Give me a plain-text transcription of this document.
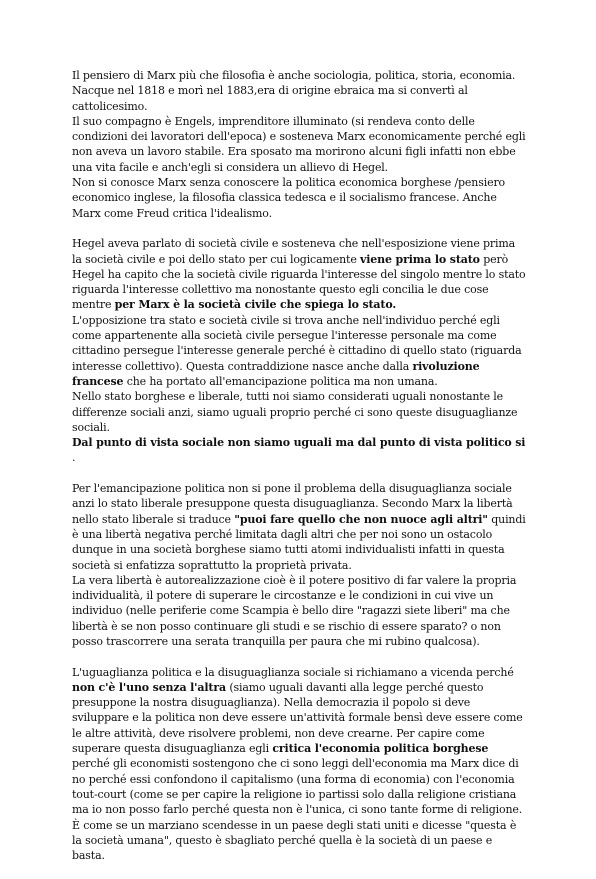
Il pensiero di Marx più che filosofia è anche sociologia, politica, storia, economia.
Nacque nel 1818 e morì nel 1883,era di origine ebraica ma si convertì al cattolicesimo.
Il suo compagno è Engels, imprenditore illuminato (si rendeva conto delle condizioni dei lavoratori dell'epoca) e sosteneva Marx economicamente perché egli non aveva un lavoro stabile. Era sposato ma morirono alcuni figli infatti non ebbe una vita facile e anch'egli si considera un allievo di Hegel.
Non si conosce Marx senza conoscere la politica economica borghese /pensiero economico inglese, la filosofia classica tedesca e il socialismo francese. Anche Marx come Freud critica l'idealismo.

Hegel aveva parlato di società civile e sosteneva che nell'esposizione viene prima la società civile e poi dello stato per cui logicamente viene prima lo stato però Hegel ha capito che la società civile riguarda l'interesse del singolo mentre lo stato riguarda l'interesse collettivo ma nonostante questo egli concilia le due cose mentre per Marx è la società civile che spiega lo stato.
L'opposizione tra stato e società civile si trova anche nell'individuo perché egli come appartenente alla società civile persegue l'interesse personale ma come cittadino persegue l'interesse generale perché è cittadino di quello stato (riguarda interesse collettivo). Questa contraddizione nasce anche dalla rivoluzione francese che ha portato all'emancipazione politica ma non umana.
Nello stato borghese e liberale, tutti noi siamo considerati uguali nonostante le differenze sociali anzi, siamo uguali proprio perché ci sono queste disuguaglianze sociali.
Dal punto di vista sociale non siamo uguali ma dal punto di vista politico si .

Per l'emancipazione politica non si pone il problema della disuguaglianza sociale anzi lo stato liberale presuppone questa disuguaglianza. Secondo Marx la libertà nello stato liberale si traduce "puoi fare quello che non nuoce agli altri" quindi è una libertà negativa perché limitata dagli altri che per noi sono un ostacolo dunque in una società borghese siamo tutti atomi individualisti infatti in questa società si enfatizza soprattutto la proprietà privata.
La vera libertà è autorealizzazione cioè è il potere positivo di far valere la propria individualità, il potere di superare le circostanze e le condizioni in cui vive un individuo (nelle periferie come Scampia è bello dire "ragazzi siete liberi" ma che libertà è se non posso continuare gli studi e se rischio di essere sparato? o non posso trascorrere una serata tranquilla per paura che mi rubino qualcosa).

L'uguaglianza politica e la disuguaglianza sociale si richiamano a vicenda perché non c'è l'uno senza l'altra (siamo uguali davanti alla legge perché questo presuppone la nostra disuguaglianza). Nella democrazia il popolo si deve sviluppare e la politica non deve essere un'attività formale bensì deve essere come le altre attività, deve risolvere problemi, non deve crearne. Per capire come superare questa disuguaglianza egli critica l'economia politica borghese perché gli economisti sostengono che ci sono leggi dell'economia ma Marx dice di no perché essi confondono il capitalismo (una forma di economia) con l'economia tout-court (come se per capire la religione io partissi solo dalla religione cristiana ma io non posso farlo perché questa non è l'unica, ci sono tante forme di religione. È come se un marziano scendesse in un paese degli stati uniti e dicesse "questa è la società umana", questo è sbagliato perché quella è la società di un paese e basta.
